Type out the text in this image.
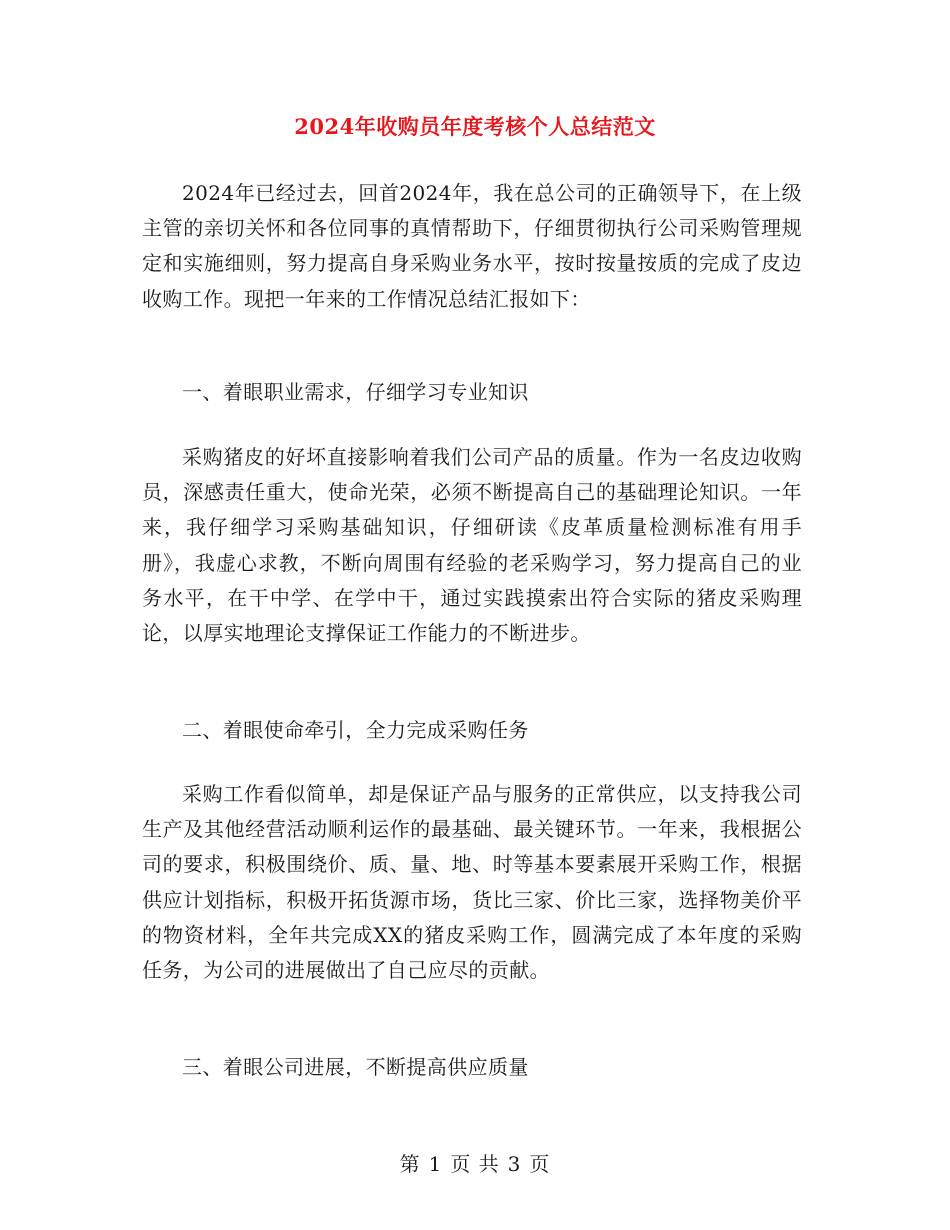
2024年收购员年度考核个人总结范文

2024年已经过去，回首2024年，我在总公司的正确领导下，在上级主管的亲切关怀和各位同事的真情帮助下，仔细贯彻执行公司采购管理规定和实施细则，努力提高自身采购业务水平，按时按量按质的完成了皮边收购工作。现把一年来的工作情况总结汇报如下：

一、着眼职业需求，仔细学习专业知识

采购猪皮的好坏直接影响着我们公司产品的质量。作为一名皮边收购员，深感责任重大，使命光荣，必须不断提高自己的基础理论知识。一年来，我仔细学习采购基础知识，仔细研读《皮革质量检测标准有用手册》，我虚心求教，不断向周围有经验的老采购学习，努力提高自己的业务水平，在干中学、在学中干，通过实践摸索出符合实际的猪皮采购理论，以厚实地理论支撑保证工作能力的不断进步。

二、着眼使命牵引，全力完成采购任务

采购工作看似简单，却是保证产品与服务的正常供应，以支持我公司生产及其他经营活动顺利运作的最基础、最关键环节。一年来，我根据公司的要求，积极围绕价、质、量、地、时等基本要素展开采购工作，根据供应计划指标，积极开拓货源市场，货比三家、价比三家，选择物美价平的物资材料，全年共完成XX的猪皮采购工作，圆满完成了本年度的采购任务，为公司的进展做出了自己应尽的贡献。

三、着眼公司进展，不断提高供应质量

第 1 页 共 3 页
